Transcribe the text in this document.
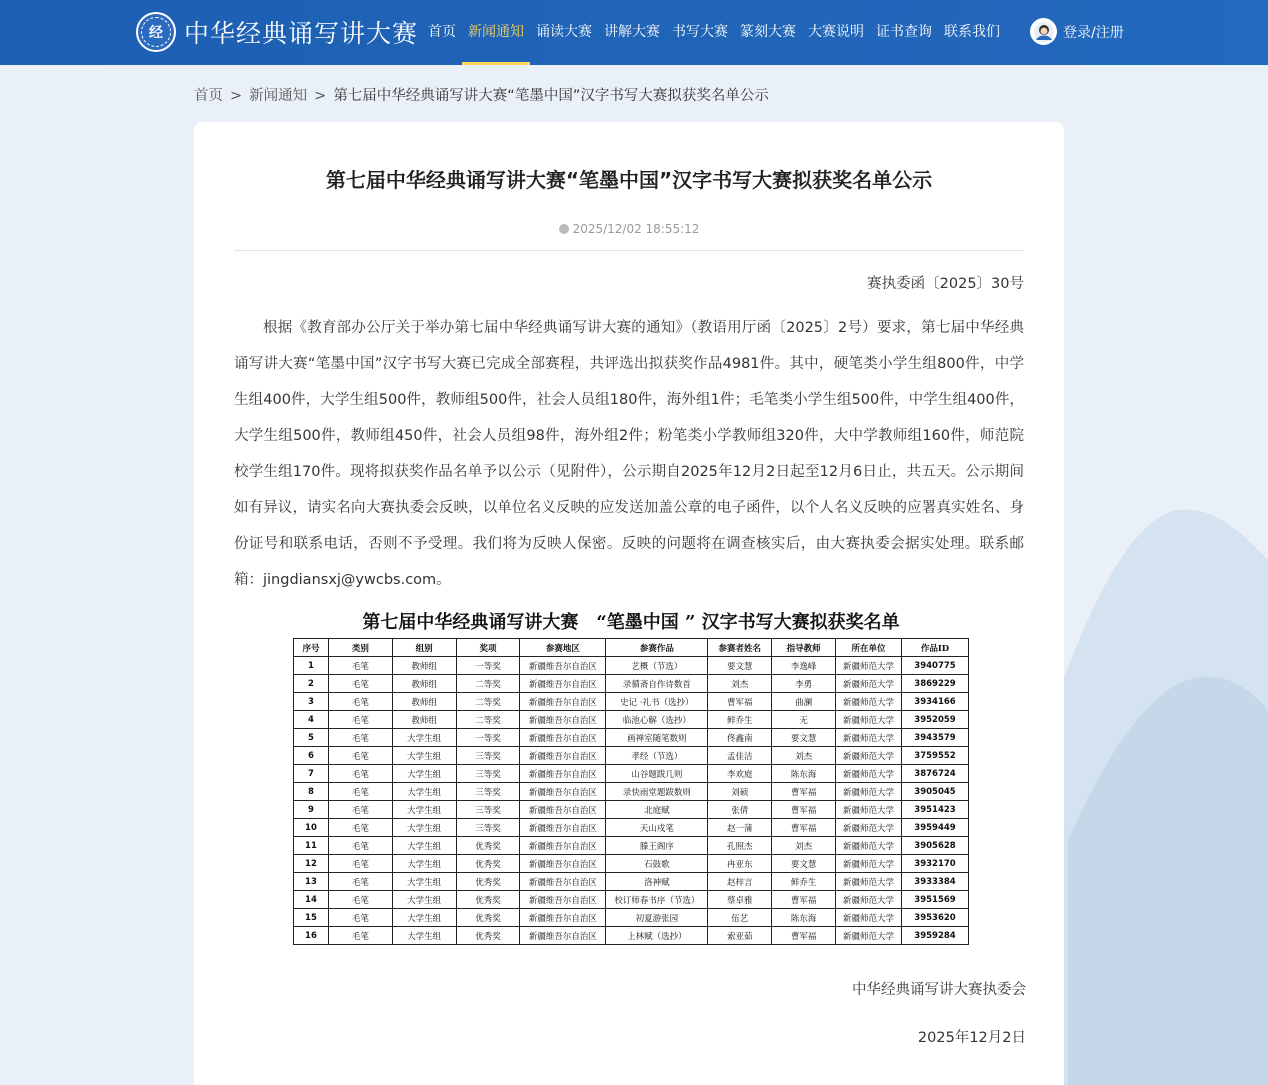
经 中华经典诵写讲大赛 首页 新闻通知 诵读大赛 讲解大赛 书写大赛 篆刻大赛 大赛说明 证书查询 联系我们	登录/注册
首页 > 新闻通知 > 第七届中华经典诵写讲大赛“笔墨中国”汉字书写大赛拟获奖名单公示
第七届中华经典诵写讲大赛“笔墨中国”汉字书写大赛拟获奖名单公示
2025/12/02 18:55:12
赛执委函〔2025〕30号

根据《教育部办公厅关于举办第七届中华经典诵写讲大赛的通知》（教语用厅函〔2025〕2号）要求，第七届中华经典诵写讲大赛“笔墨中国”汉字书写大赛已完成全部赛程，共评选出拟获奖作品4981件。其中，硬笔类小学生组800件，中学生组400件，大学生组500件，教师组500件，社会人员组180件，海外组1件；毛笔类小学生组500件，中学生组400件，大学生组500件，教师组450件，社会人员组98件，海外组2件；粉笔类小学教师组320件，大中学教师组160件，师范院校学生组170件。现将拟获奖作品名单予以公示（见附件），公示期自2025年12月2日起至12月6日止，共五天。公示期间如有异议，请实名向大赛执委会反映，以单位名义反映的应发送加盖公章的电子函件，以个人名义反映的应署真实姓名、身份证号和联系电话，否则不予受理。我们将为反映人保密。反映的问题将在调查核实后，由大赛执委会据实处理。联系邮箱：jingdiansxj@ywcbs.com。

第七届中华经典诵写讲大赛　“笔墨中国 ” 汉字书写大赛拟获奖名单
序号	类别	组别	奖项	参赛地区	参赛作品	参赛者姓名	指导教师	所在单位	作品ID
1	毛笔	教师组	一等奖	新疆维吾尔自治区	艺概（节选）	要文慧	李逸峰	新疆师范大学	3940775
2	毛笔	教师组	二等奖	新疆维吾尔自治区	录循斋自作诗数首	刘杰	李勇	新疆师范大学	3869229
3	毛笔	教师组	二等奖	新疆维吾尔自治区	史记 ·礼书（选抄）	曹军福	曲澜	新疆师范大学	3934166
4	毛笔	教师组	二等奖	新疆维吾尔自治区	临池心解（选抄）	鲜乔生	无	新疆师范大学	3952059
5	毛笔	大学生组	一等奖	新疆维吾尔自治区	画禅室随笔数则	佟鑫南	要文慧	新疆师范大学	3943579
6	毛笔	大学生组	三等奖	新疆维吾尔自治区	孝经（节选）	孟佳洁	刘杰	新疆师范大学	3759552
7	毛笔	大学生组	三等奖	新疆维吾尔自治区	山谷题跋几则	李欢庭	陈东海	新疆师范大学	3876724
8	毛笔	大学生组	三等奖	新疆维吾尔自治区	录快雨堂题跋数则	刘硕	曹军福	新疆师范大学	3905045
9	毛笔	大学生组	三等奖	新疆维吾尔自治区	北庭赋	张倩	曹军福	新疆师范大学	3951423
10	毛笔	大学生组	三等奖	新疆维吾尔自治区	天山戍笔	赵一蒲	曹军福	新疆师范大学	3959449
11	毛笔	大学生组	优秀奖	新疆维吾尔自治区	滕王阁序	孔照杰	刘杰	新疆师范大学	3905628
12	毛笔	大学生组	优秀奖	新疆维吾尔自治区	石鼓歌	冉亚东	要文慧	新疆师范大学	3932170
13	毛笔	大学生组	优秀奖	新疆维吾尔自治区	洛神赋	赵梓言	鲜乔生	新疆师范大学	3933384
14	毛笔	大学生组	优秀奖	新疆维吾尔自治区	校订师春书序（节选）	蔡卓雅	曹军福	新疆师范大学	3951569
15	毛笔	大学生组	优秀奖	新疆维吾尔自治区	初夏游张园	伍艺	陈东海	新疆师范大学	3953620
16	毛笔	大学生组	优秀奖	新疆维吾尔自治区	上林赋（选抄）	索亚茹	曹军福	新疆师范大学	3959284
中华经典诵写讲大赛执委会
2025年12月2日
